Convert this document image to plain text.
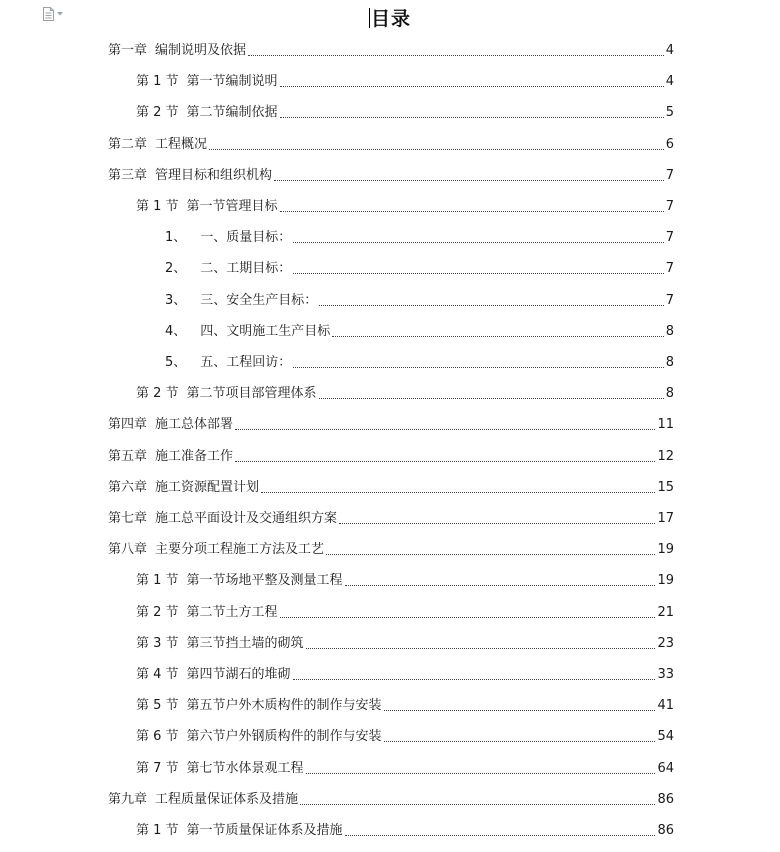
目录
第一章 编制说明及依据	4
第 1 节 第一节编制说明	4
第 2 节 第二节编制依据	5
第二章 工程概况	6
第三章 管理目标和组织机构	7
第 1 节 第一节管理目标	7
1、 一、质量目标：	7
2、 二、工期目标：	7
3、 三、安全生产目标：	7
4、 四、文明施工生产目标	8
5、 五、工程回访：	8
第 2 节 第二节项目部管理体系	8
第四章 施工总体部署	11
第五章 施工准备工作	12
第六章 施工资源配置计划	15
第七章 施工总平面设计及交通组织方案	17
第八章 主要分项工程施工方法及工艺	19
第 1 节 第一节场地平整及测量工程	19
第 2 节 第二节土方工程	21
第 3 节 第三节挡土墙的砌筑	23
第 4 节 第四节湖石的堆砌	33
第 5 节 第五节户外木质构件的制作与安装	41
第 6 节 第六节户外钢质构件的制作与安装	54
第 7 节 第七节水体景观工程	64
第九章 工程质量保证体系及措施	86
第 1 节 第一节质量保证体系及措施	86
